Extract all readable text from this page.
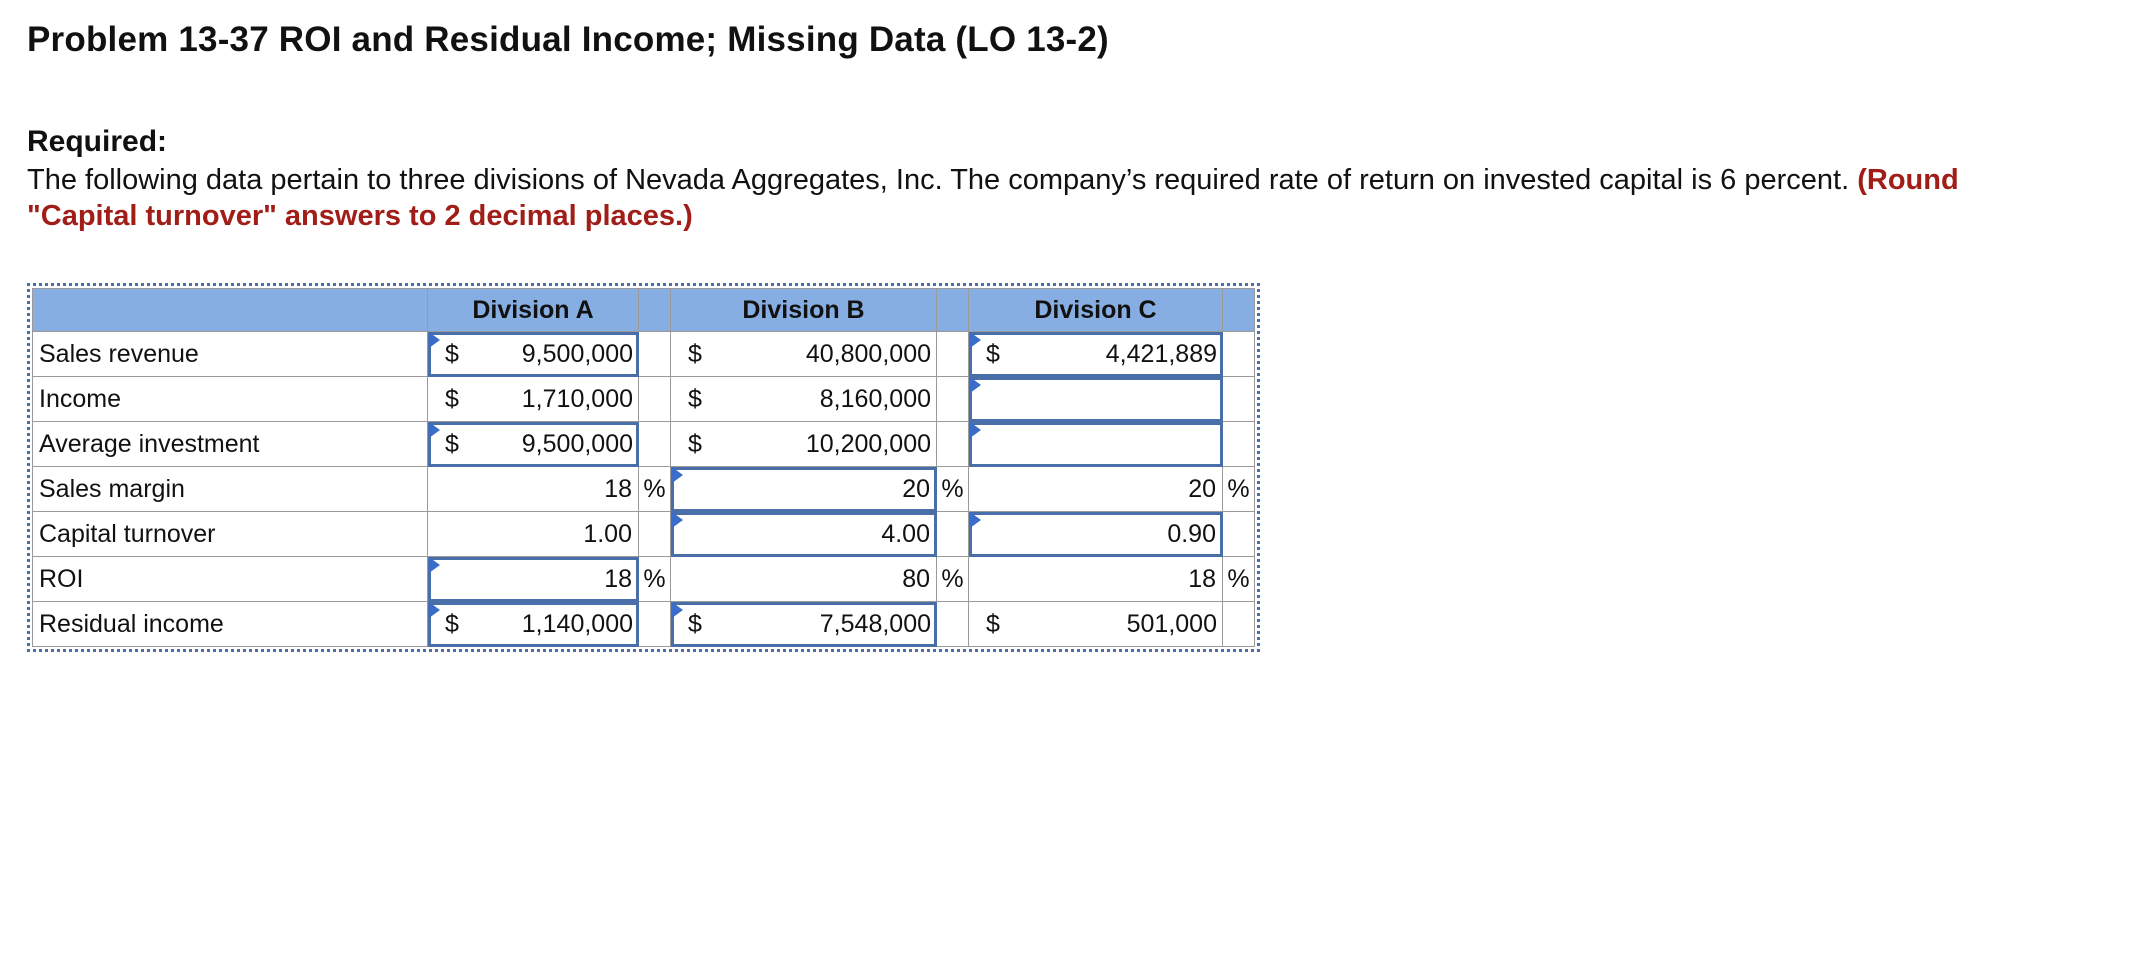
Problem 13-37 ROI and Residual Income; Missing Data (LO 13-2)
Required:
The following data pertain to three divisions of Nevada Aggregates, Inc. The company’s required rate of return on invested capital is 6 percent. (Round "Capital turnover" answers to 2 decimal places.)
	Division A		Division B		Division C	
Sales revenue	$ 9,500,000		$ 40,800,000		$ 4,421,889	

Income	$ 1,710,000		$ 8,160,000			

Average investment	$ 9,500,000		$ 10,200,000			

Sales margin	18	%	20	%	20	%
Capital turnover	1.00		4.00		0.90	
ROI	18	%	80	%	18	%
Residual income	$ 1,140,000		$ 7,548,000		$ 501,000	
